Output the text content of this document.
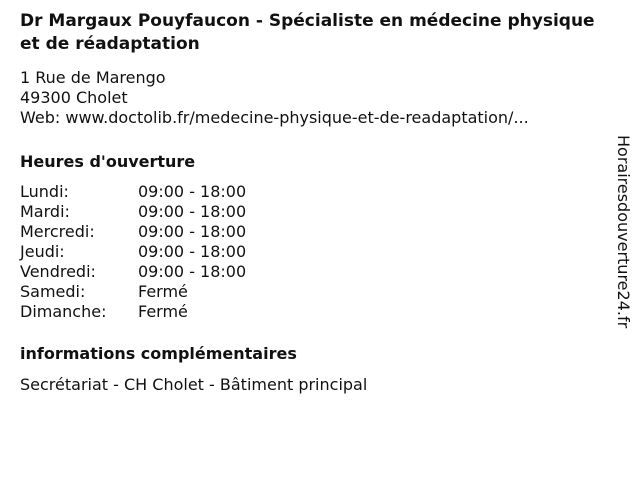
Dr Margaux Pouyfaucon - Spécialiste en médecine physique et de réadaptation
1 Rue de Marengo
49300 Cholet
Web: www.doctolib.fr/medecine-physique-et-de-readaptation/...
Heures d'ouverture
Lundi:	09:00 - 18:00
Mardi:	09:00 - 18:00
Mercredi:	09:00 - 18:00
Jeudi:	09:00 - 18:00
Vendredi:	09:00 - 18:00
Samedi:	Fermé
Dimanche:	Fermé
informations complémentaires
Secrétariat - CH Cholet - Bâtiment principal
Horairesdouverture24.fr
